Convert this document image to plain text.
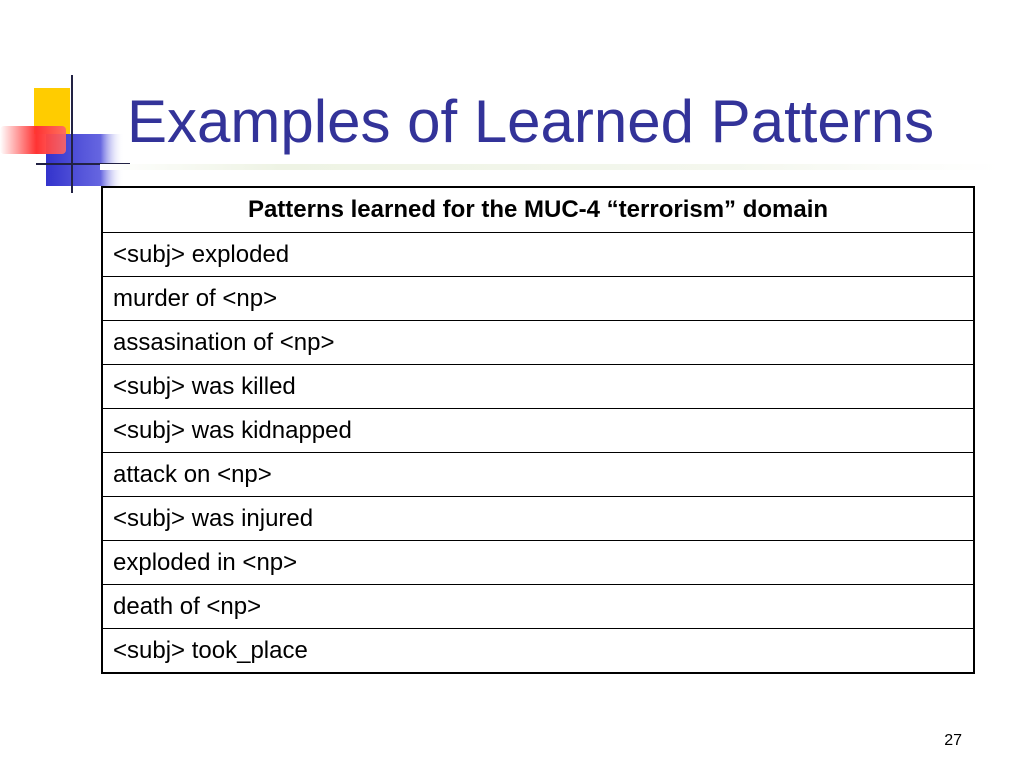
Examples of Learned Patterns
Patterns learned for the MUC-4 “terrorism” domain
<subj> exploded
murder of <np>
assasination of <np>
<subj> was killed
<subj> was kidnapped
attack on <np>
<subj> was injured
exploded in <np>
death of <np>
<subj> took_place
27
